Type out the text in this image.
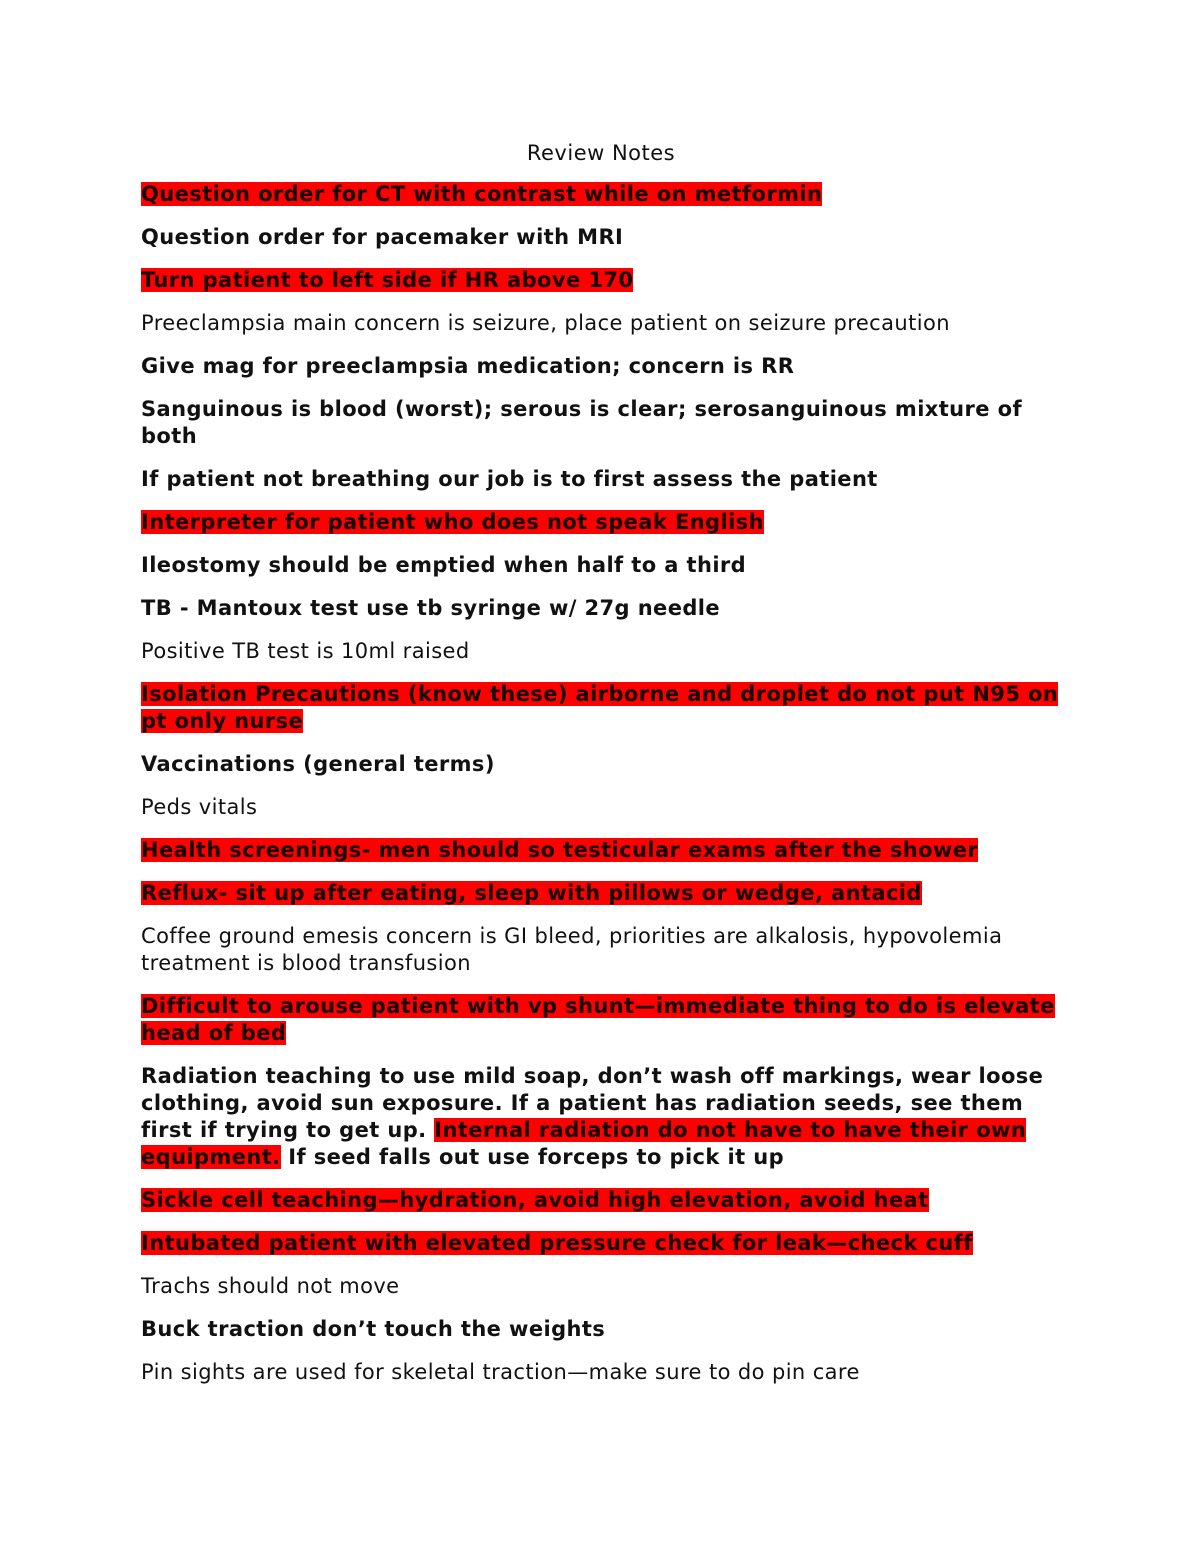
Review Notes

Question order for CT with contrast while on metformin

Question order for pacemaker with MRI

Turn patient to left side if HR above 170

Preeclampsia main concern is seizure, place patient on seizure precaution

Give mag for preeclampsia medication; concern is RR

Sanguinous is blood (worst); serous is clear; serosanguinous mixture of both

If patient not breathing our job is to first assess the patient

Interpreter for patient who does not speak English

Ileostomy should be emptied when half to a third

TB - Mantoux test use tb syringe w/ 27g needle

Positive TB test is 10ml raised

Isolation Precautions (know these) airborne and droplet do not put N95 on pt only nurse

Vaccinations (general terms)

Peds vitals

Health screenings- men should so testicular exams after the shower

Reflux- sit up after eating, sleep with pillows or wedge, antacid

Coffee ground emesis concern is GI bleed, priorities are alkalosis, hypovolemia treatment is blood transfusion

Difficult to arouse patient with vp shunt—immediate thing to do is elevate head of bed

Radiation teaching to use mild soap, don’t wash off markings, wear loose clothing, avoid sun exposure. If a patient has radiation seeds, see them first if trying to get up. Internal radiation do not have to have their own equipment. If seed falls out use forceps to pick it up

Sickle cell teaching—hydration, avoid high elevation, avoid heat

Intubated patient with elevated pressure check for leak—check cuff

Trachs should not move

Buck traction don’t touch the weights

Pin sights are used for skeletal traction—make sure to do pin care
